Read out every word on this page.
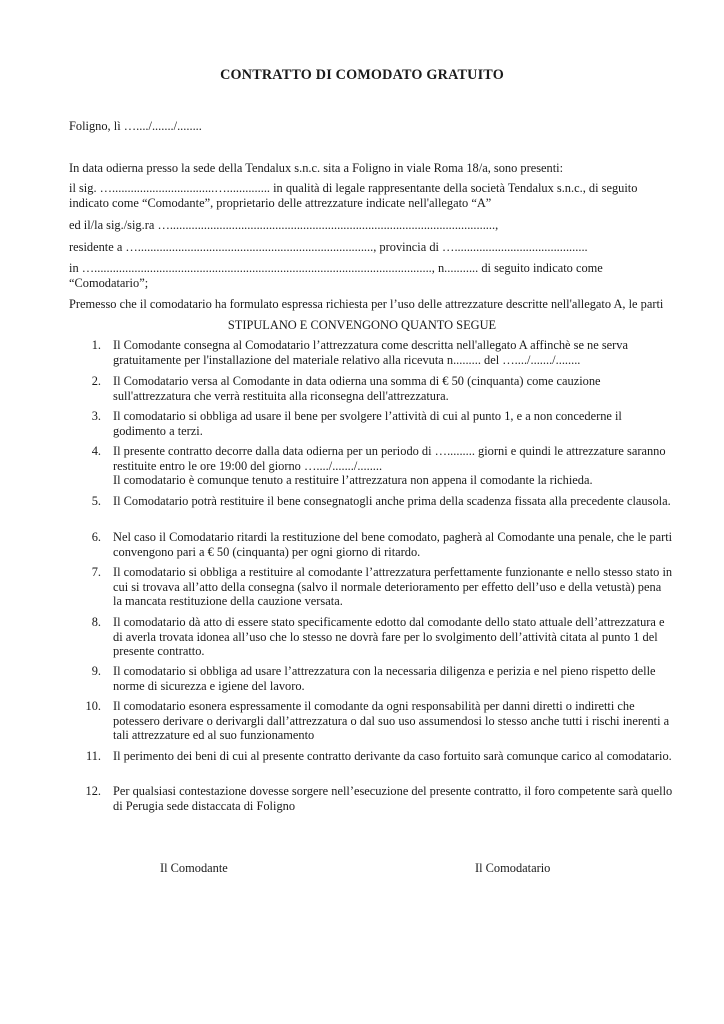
CONTRATTO DI COMODATO GRATUITO
Foligno, lì …..../......./........
In data odierna presso la sede della Tendalux s.n.c. sita a Foligno in viale Roma 18/a, sono presenti:
il sig. ….................................….............. in qualità di legale rappresentante della società Tendalux s.n.c., di seguito
indicato come “Comodante”, proprietario delle attrezzature indicate nell'allegato “A”
ed il/la sig./sig.ra ….........................................................................................................,
residente a …............................................................................, provincia di …...........................................
in …............................................................................................................., n........... di seguito indicato come
“Comodatario”;
Premesso che il comodatario ha formulato espressa richiesta per l’uso delle attrezzature descritte nell'allegato A, le parti
STIPULANO E CONVENGONO QUANTO SEGUE
1. Il Comodante consegna al Comodatario l’attrezzatura come descritta nell'allegato A affinchè se ne serva gratuitamente per l'installazione del materiale relativo alla ricevuta n......... del …..../......./........
2. Il Comodatario versa al Comodante in data odierna una somma di € 50 (cinquanta) come cauzione sull'attrezzatura che verrà restituita alla riconsegna dell'attrezzatura.
3. Il comodatario si obbliga ad usare il bene per svolgere l’attività di cui al punto 1, e a non concederne il godimento a terzi.
4. Il presente contratto decorre dalla data odierna per un periodo di …......... giorni e quindi le attrezzature saranno restituite entro le ore 19:00 del giorno …..../......./........
Il comodatario è comunque tenuto a restituire l’attrezzatura non appena il comodante la richieda.
5. Il Comodatario potrà restituire il bene consegnatogli anche prima della scadenza fissata alla precedente clausola.
6. Nel caso il Comodatario ritardi la restituzione del bene comodato, pagherà al Comodante una penale, che le parti convengono pari a € 50 (cinquanta) per ogni giorno di ritardo.
7. Il comodatario si obbliga a restituire al comodante l’attrezzatura perfettamente funzionante e nello stesso stato in cui si trovava all’atto della consegna (salvo il normale deterioramento per effetto dell’uso e della vetustà) pena la mancata restituzione della cauzione versata.
8. Il comodatario dà atto di essere stato specificamente edotto dal comodante dello stato attuale dell’attrezzatura e di averla trovata idonea all’uso che lo stesso ne dovrà fare per lo svolgimento dell’attività citata al punto 1 del presente contratto.
9. Il comodatario si obbliga ad usare l’attrezzatura con la necessaria diligenza e perizia e nel pieno rispetto delle norme di sicurezza e igiene del lavoro.
10. Il comodatario esonera espressamente il comodante da ogni responsabilità per danni diretti o indiretti che potessero derivare o derivargli dall’attrezzatura o dal suo uso assumendosi lo stesso anche tutti i rischi inerenti a tali attrezzature ed al suo funzionamento
11. Il perimento dei beni di cui al presente contratto derivante da caso fortuito sarà comunque carico al comodatario.
12. Per qualsiasi contestazione dovesse sorgere nell’esecuzione del presente contratto, il foro competente sarà quello di Perugia sede distaccata di Foligno
Il Comodante	Il Comodatario
